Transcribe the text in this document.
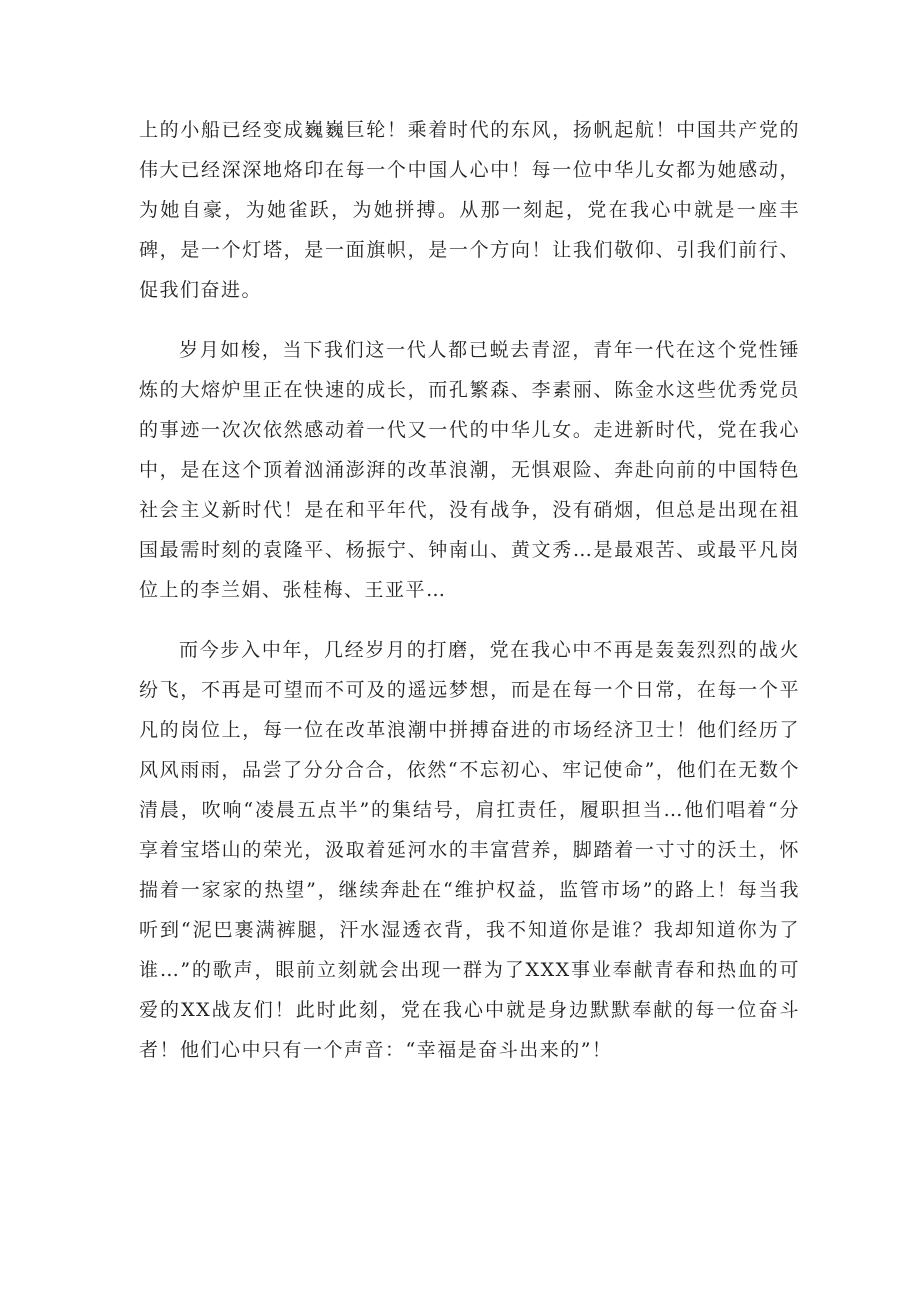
上的小船已经变成巍巍巨轮！乘着时代的东风，扬帆起航！中国共产党的伟大已经深深地烙印在每一个中国人心中！每一位中华儿女都为她感动，为她自豪，为她雀跃，为她拼搏。从那一刻起，党在我心中就是一座丰碑，是一个灯塔，是一面旗帜，是一个方向！让我们敬仰、引我们前行、促我们奋进。

岁月如梭，当下我们这一代人都已蜕去青涩，青年一代在这个党性锤炼的大熔炉里正在快速的成长，而孔繁森、李素丽、陈金水这些优秀党员的事迹一次次依然感动着一代又一代的中华儿女。走进新时代，党在我心中，是在这个顶着汹涌澎湃的改革浪潮，无惧艰险、奔赴向前的中国特色社会主义新时代！是在和平年代，没有战争，没有硝烟，但总是出现在祖国最需时刻的袁隆平、杨振宁、钟南山、黄文秀…是最艰苦、或最平凡岗位上的李兰娟、张桂梅、王亚平…

而今步入中年，几经岁月的打磨，党在我心中不再是轰轰烈烈的战火纷飞，不再是可望而不可及的遥远梦想，而是在每一个日常，在每一个平凡的岗位上，每一位在改革浪潮中拼搏奋进的市场经济卫士！他们经历了风风雨雨，品尝了分分合合，依然“不忘初心、牢记使命”，他们在无数个清晨，吹响“凌晨五点半”的集结号，肩扛责任，履职担当…他们唱着“分享着宝塔山的荣光，汲取着延河水的丰富营养，脚踏着一寸寸的沃土，怀揣着一家家的热望”，继续奔赴在“维护权益，监管市场”的路上！每当我听到“泥巴裹满裤腿，汗水湿透衣背，我不知道你是谁？我却知道你为了谁…”的歌声，眼前立刻就会出现一群为了XXX事业奉献青春和热血的可爱的XX战友们！此时此刻，党在我心中就是身边默默奉献的每一位奋斗者！他们心中只有一个声音：“幸福是奋斗出来的”！
